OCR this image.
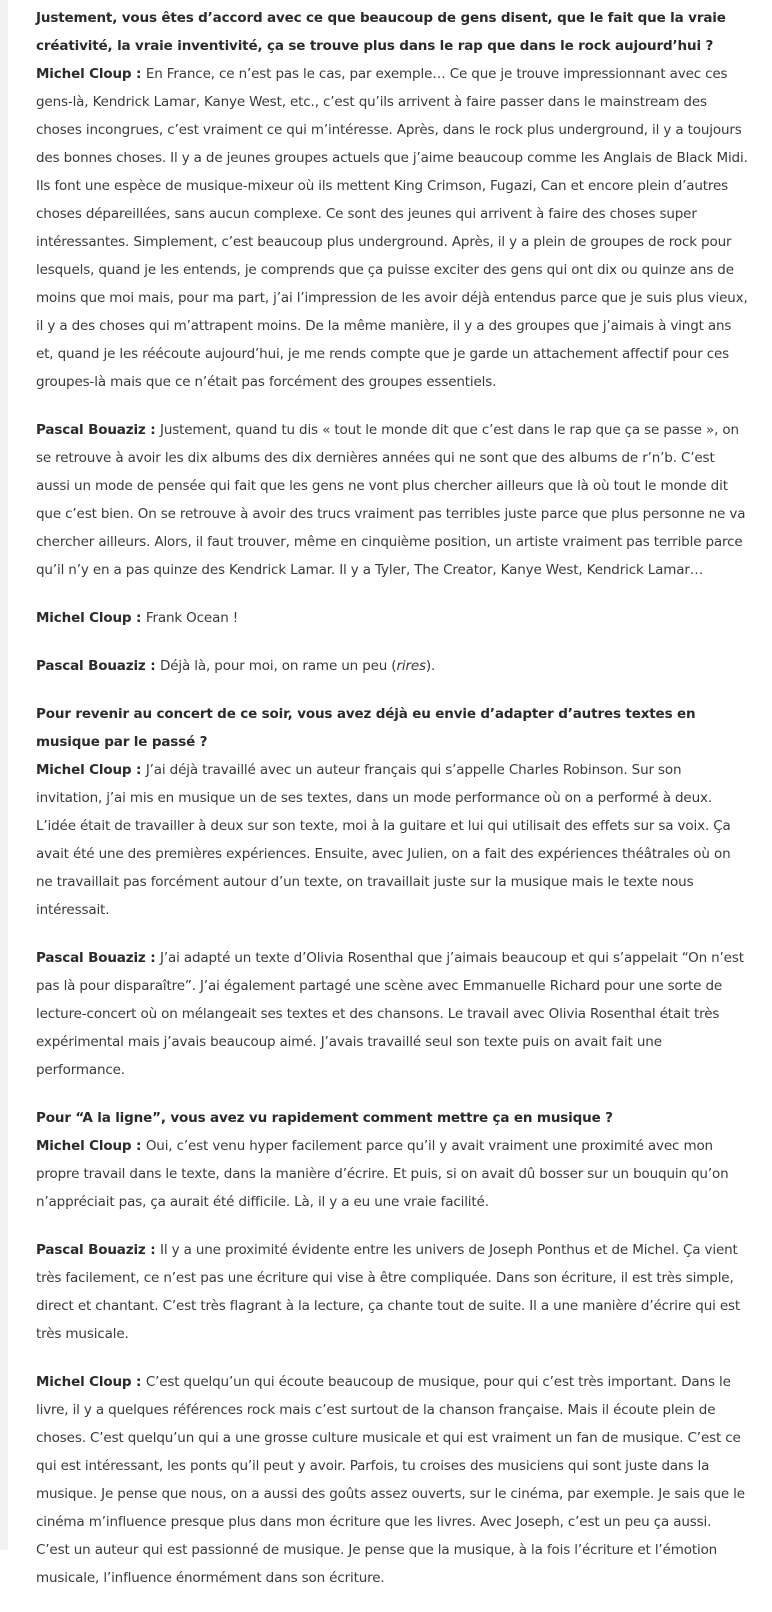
Justement, vous êtes d’accord avec ce que beaucoup de gens disent, que le fait que la vraie créativité, la vraie inventivité, ça se trouve plus dans le rap que dans le rock aujourd’hui ?
Michel Cloup : En France, ce n’est pas le cas, par exemple… Ce que je trouve impressionnant avec ces gens-là, Kendrick Lamar, Kanye West, etc., c’est qu’ils arrivent à faire passer dans le mainstream des choses incongrues, c’est vraiment ce qui m’intéresse. Après, dans le rock plus underground, il y a toujours des bonnes choses. Il y a de jeunes groupes actuels que j’aime beaucoup comme les Anglais de Black Midi. Ils font une espèce de musique-mixeur où ils mettent King Crimson, Fugazi, Can et encore plein d’autres choses dépareillées, sans aucun complexe. Ce sont des jeunes qui arrivent à faire des choses super intéressantes. Simplement, c’est beaucoup plus underground. Après, il y a plein de groupes de rock pour lesquels, quand je les entends, je comprends que ça puisse exciter des gens qui ont dix ou quinze ans de moins que moi mais, pour ma part, j’ai l’impression de les avoir déjà entendus parce que je suis plus vieux, il y a des choses qui m’attrapent moins. De la même manière, il y a des groupes que j’aimais à vingt ans et, quand je les réécoute aujourd’hui, je me rends compte que je garde un attachement affectif pour ces groupes-là mais que ce n’était pas forcément des groupes essentiels.
Pascal Bouaziz : Justement, quand tu dis « tout le monde dit que c’est dans le rap que ça se passe », on se retrouve à avoir les dix albums des dix dernières années qui ne sont que des albums de r’n’b. C’est aussi un mode de pensée qui fait que les gens ne vont plus chercher ailleurs que là où tout le monde dit que c’est bien. On se retrouve à avoir des trucs vraiment pas terribles juste parce que plus personne ne va chercher ailleurs. Alors, il faut trouver, même en cinquième position, un artiste vraiment pas terrible parce qu’il n’y en a pas quinze des Kendrick Lamar. Il y a Tyler, The Creator, Kanye West, Kendrick Lamar…
Michel Cloup : Frank Ocean !
Pascal Bouaziz : Déjà là, pour moi, on rame un peu (rires).
Pour revenir au concert de ce soir, vous avez déjà eu envie d’adapter d’autres textes en musique par le passé ?
Michel Cloup : J’ai déjà travaillé avec un auteur français qui s’appelle Charles Robinson. Sur son invitation, j’ai mis en musique un de ses textes, dans un mode performance où on a performé à deux. L’idée était de travailler à deux sur son texte, moi à la guitare et lui qui utilisait des effets sur sa voix. Ça avait été une des premières expériences. Ensuite, avec Julien, on a fait des expériences théâtrales où on ne travaillait pas forcément autour d’un texte, on travaillait juste sur la musique mais le texte nous intéressait.
Pascal Bouaziz : J’ai adapté un texte d’Olivia Rosenthal que j’aimais beaucoup et qui s’appelait “On n’est pas là pour disparaître”. J’ai également partagé une scène avec Emmanuelle Richard pour une sorte de lecture-concert où on mélangeait ses textes et des chansons. Le travail avec Olivia Rosenthal était très expérimental mais j’avais beaucoup aimé. J’avais travaillé seul son texte puis on avait fait une performance.
Pour “A la ligne”, vous avez vu rapidement comment mettre ça en musique ?
Michel Cloup : Oui, c’est venu hyper facilement parce qu’il y avait vraiment une proximité avec mon propre travail dans le texte, dans la manière d’écrire. Et puis, si on avait dû bosser sur un bouquin qu’on n’appréciait pas, ça aurait été difficile. Là, il y a eu une vraie facilité.
Pascal Bouaziz : Il y a une proximité évidente entre les univers de Joseph Ponthus et de Michel. Ça vient très facilement, ce n’est pas une écriture qui vise à être compliquée. Dans son écriture, il est très simple, direct et chantant. C’est très flagrant à la lecture, ça chante tout de suite. Il a une manière d’écrire qui est très musicale.
Michel Cloup : C’est quelqu’un qui écoute beaucoup de musique, pour qui c’est très important. Dans le livre, il y a quelques références rock mais c’est surtout de la chanson française. Mais il écoute plein de choses. C’est quelqu’un qui a une grosse culture musicale et qui est vraiment un fan de musique. C’est ce qui est intéressant, les ponts qu’il peut y avoir. Parfois, tu croises des musiciens qui sont juste dans la musique. Je pense que nous, on a aussi des goûts assez ouverts, sur le cinéma, par exemple. Je sais que le cinéma m’influence presque plus dans mon écriture que les livres. Avec Joseph, c’est un peu ça aussi. C’est un auteur qui est passionné de musique. Je pense que la musique, à la fois l’écriture et l’émotion musicale, l’influence énormément dans son écriture.
